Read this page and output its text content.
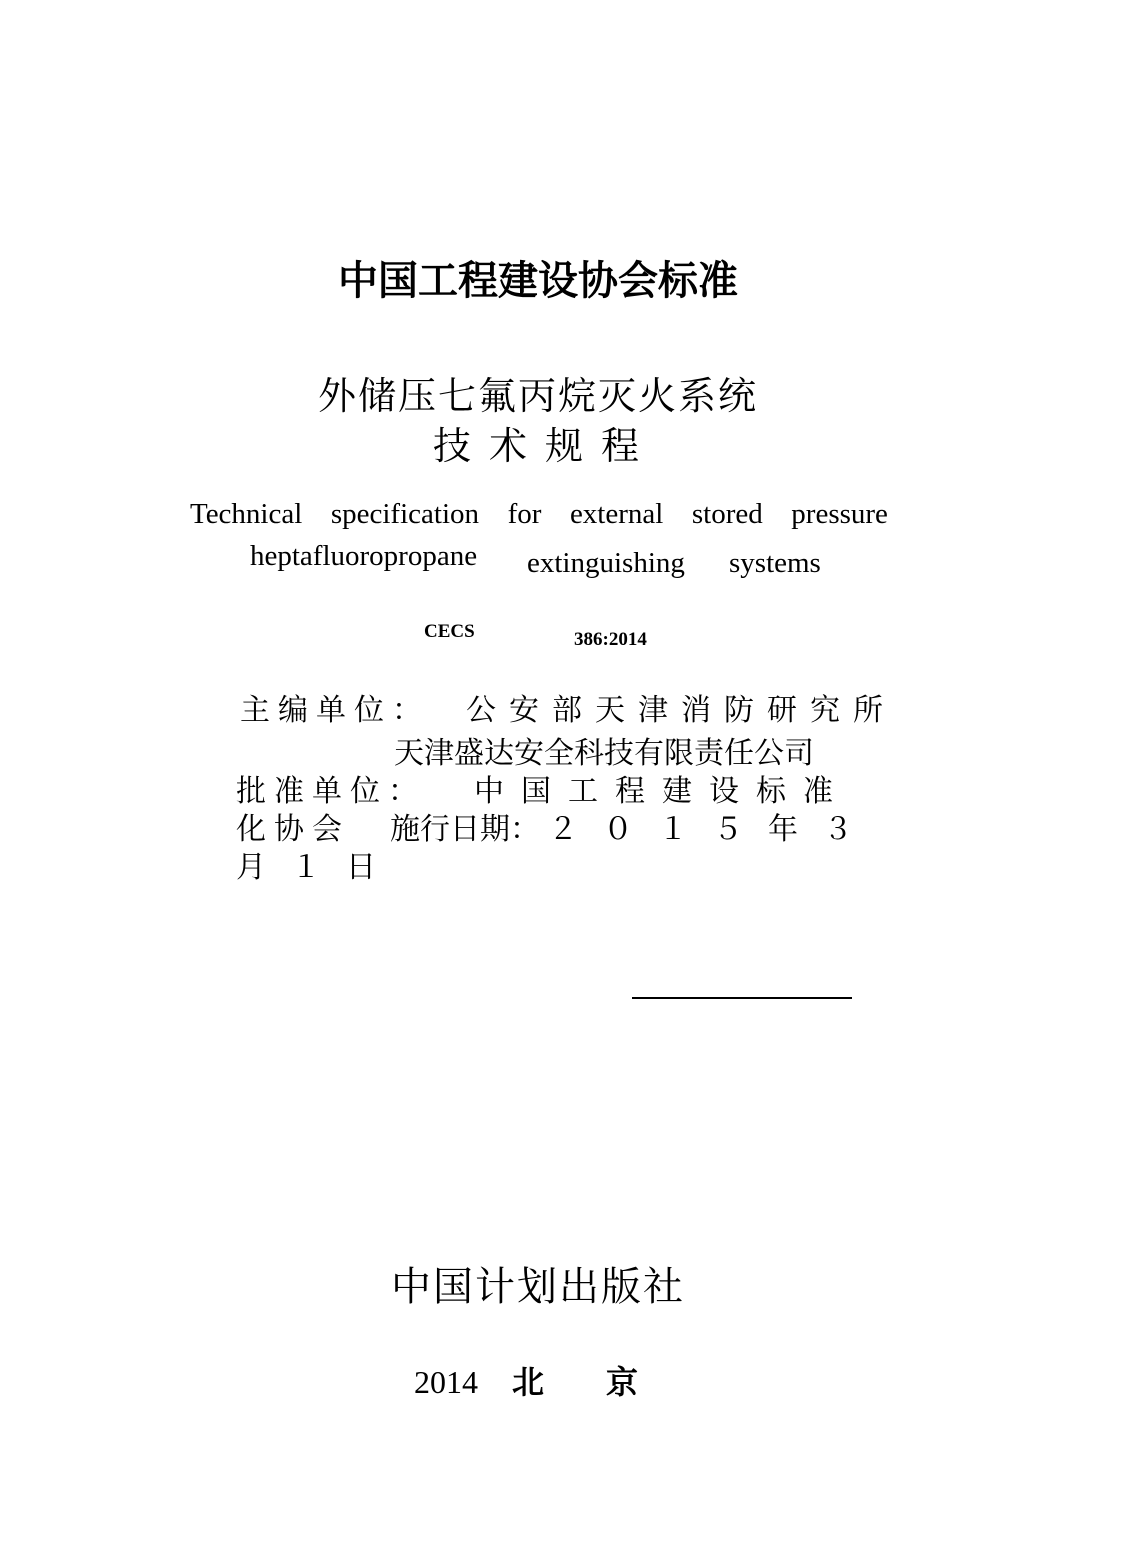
中国工程建设协会标准
外储压七氟丙烷灭火系统
技术规程
Technical specification for external stored pressure
heptafluoropropane extinguishing systems
CECS	386:2014
主编单位： 公安部天津消防研究所
天津盛达安全科技有限责任公司
批准单位： 中国工程建设标准
化协会 施行日期： ２０１５年３
月１日
中国计划出版社
2014 北京
